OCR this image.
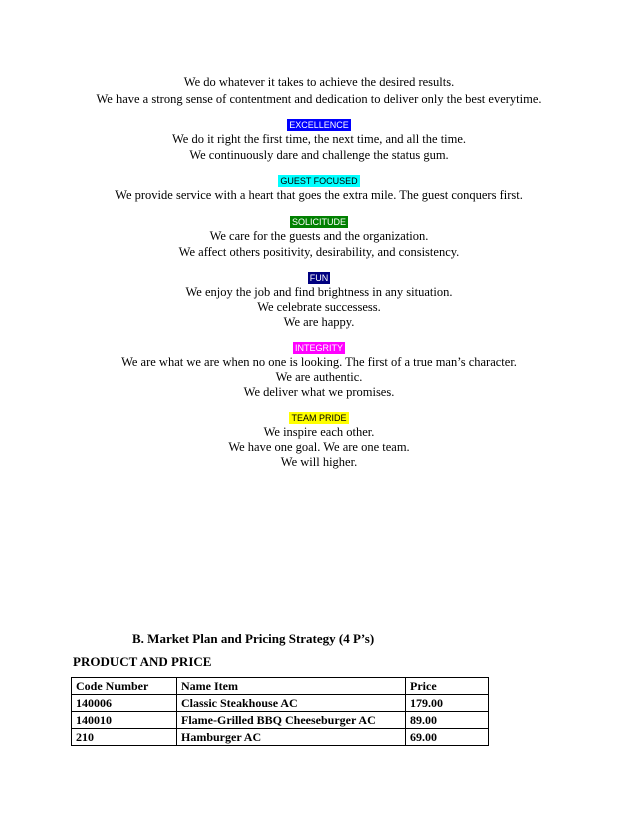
We do whatever it takes to achieve the desired results.
We have a strong sense of contentment and dedication to deliver only the best everytime.
EXCELLENCE
We do it right the first time, the next time, and all the time.
We continuously dare and challenge the status gum.
GUEST FOCUSED
We provide service with a heart that goes the extra mile. The guest conquers first.
SOLICITUDE
We care for the guests and the organization.
We affect others positivity, desirability, and consistency.
FUN
We enjoy the job and find brightness in any situation.
We celebrate successess.
We are happy.
INTEGRITY
We are what we are when no one is looking. The first of a true man’s character.
We are authentic.
We deliver what we promises.
TEAM PRIDE
We inspire each other.
We have one goal. We are one team.
We will higher.
B. Market Plan and Pricing Strategy (4 P’s)
PRODUCT AND PRICE
Code Number	Name Item	Price
140006	Classic Steakhouse AC	179.00
140010	Flame-Grilled BBQ Cheeseburger AC	89.00
210	Hamburger AC	69.00
